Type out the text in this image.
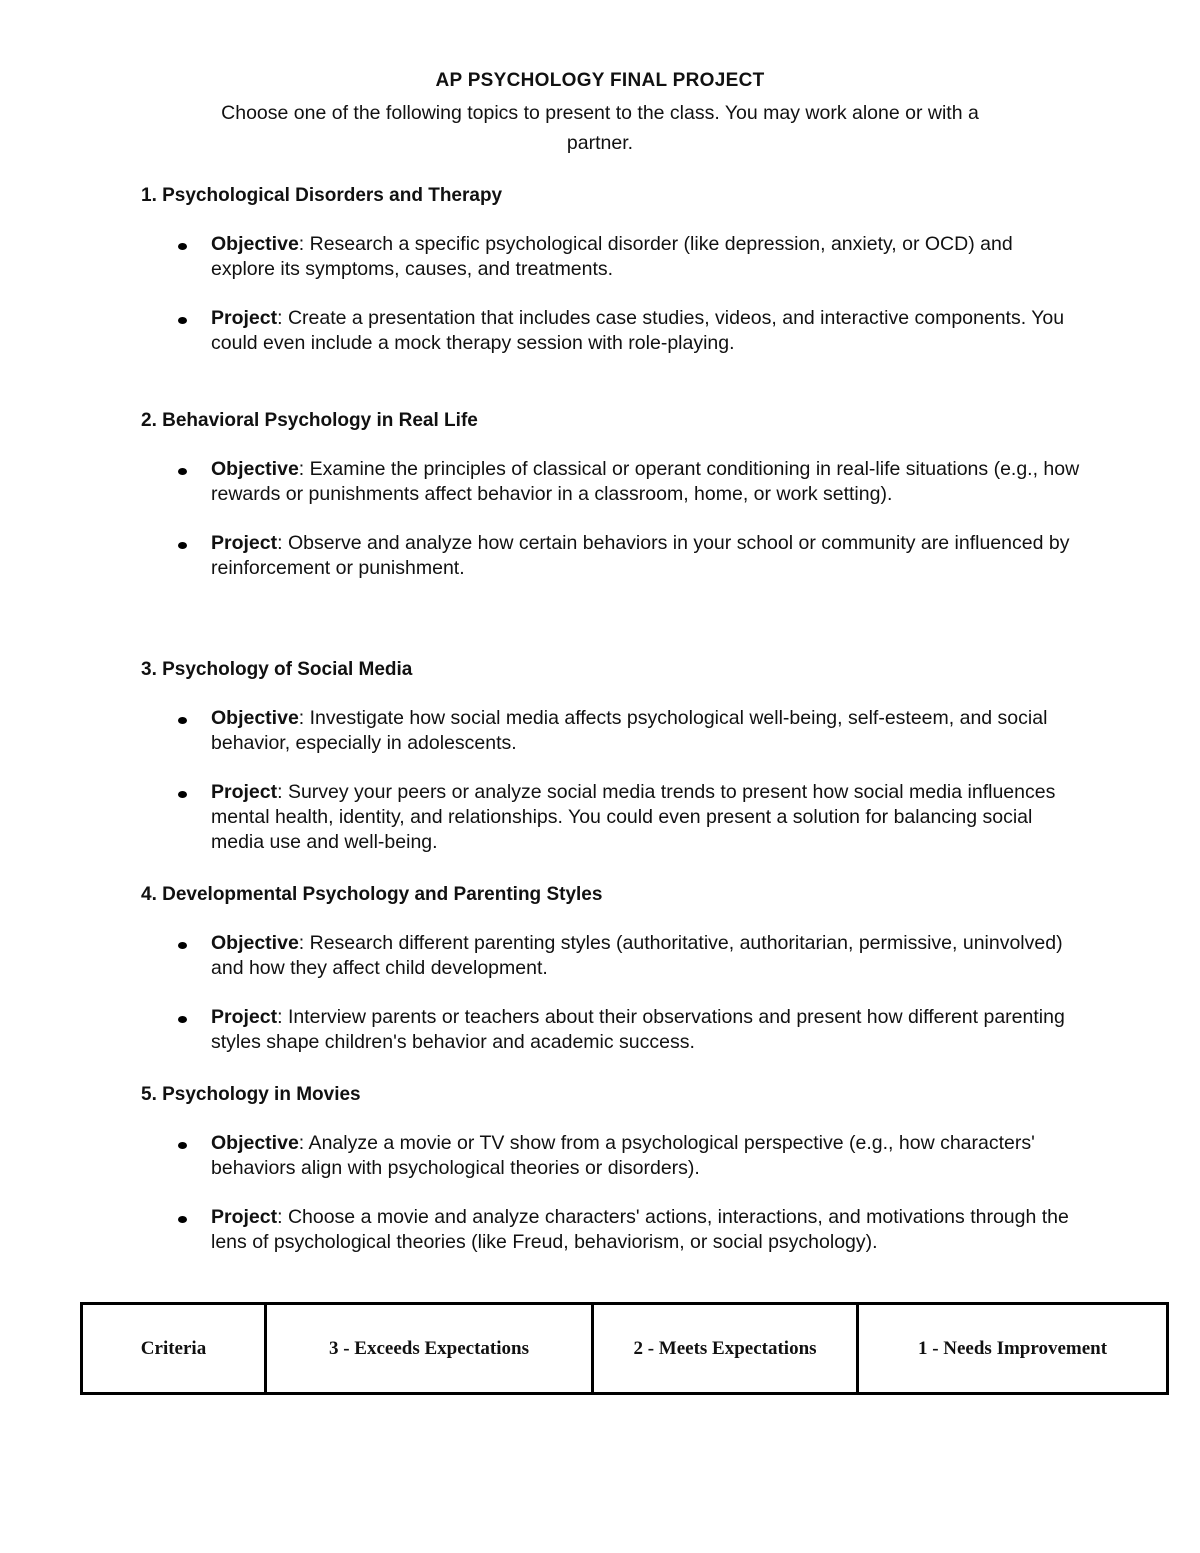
AP PSYCHOLOGY FINAL PROJECT
Choose one of the following topics to present to the class. You may work alone or with a
partner.

1. Psychological Disorders and Therapy

Objective: Research a specific psychological disorder (like depression, anxiety, or OCD) and explore its symptoms, causes, and treatments.
Project: Create a presentation that includes case studies, videos, and interactive components. You could even include a mock therapy session with role-playing.

2. Behavioral Psychology in Real Life

Objective: Examine the principles of classical or operant conditioning in real-life situations (e.g., how rewards or punishments affect behavior in a classroom, home, or work setting).
Project: Observe and analyze how certain behaviors in your school or community are influenced by reinforcement or punishment.

3. Psychology of Social Media

Objective: Investigate how social media affects psychological well-being, self-esteem, and social behavior, especially in adolescents.
Project: Survey your peers or analyze social media trends to present how social media influences mental health, identity, and relationships. You could even present a solution for balancing social media use and well-being.

4. Developmental Psychology and Parenting Styles

Objective: Research different parenting styles (authoritative, authoritarian, permissive, uninvolved) and how they affect child development.
Project: Interview parents or teachers about their observations and present how different parenting styles shape children's behavior and academic success.

5. Psychology in Movies

Objective: Analyze a movie or TV show from a psychological perspective (e.g., how characters' behaviors align with psychological theories or disorders).
Project: Choose a movie and analyze characters' actions, interactions, and motivations through the lens of psychological theories (like Freud, behaviorism, or social psychology).
Criteria	3 - Exceeds Expectations	2 - Meets Expectations	1 - Needs Improvement
